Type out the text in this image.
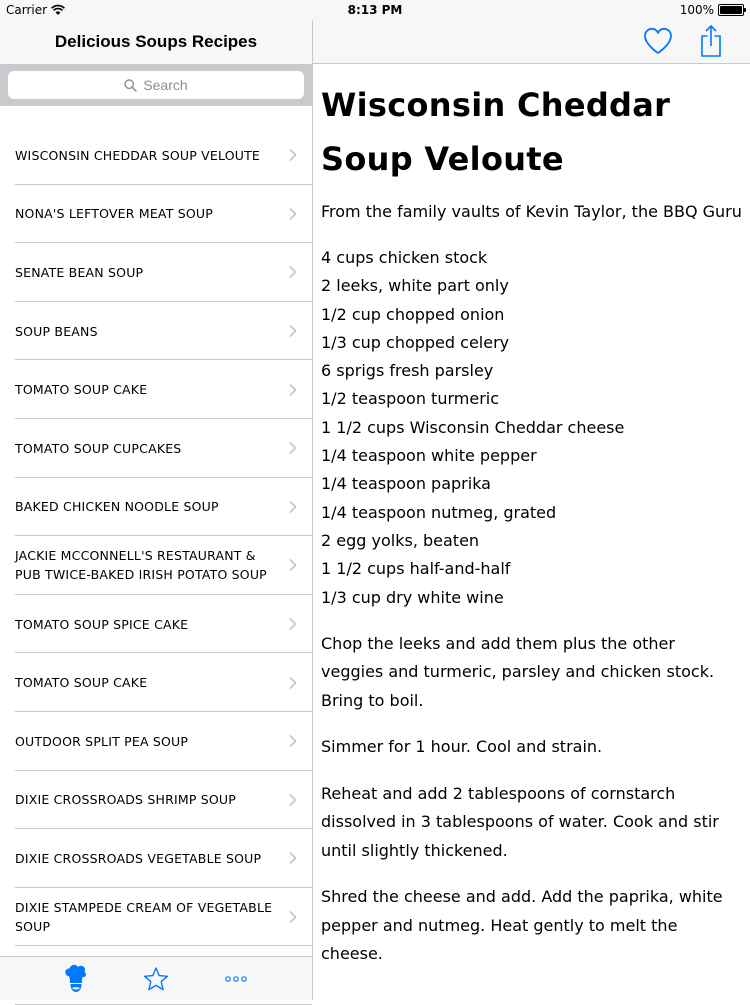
Carrier	8:13 PM	100%
Delicious Soups Recipes
Search
WISCONSIN CHEDDAR SOUP VELOUTE
NONA'S LEFTOVER MEAT SOUP
SENATE BEAN SOUP
SOUP BEANS
TOMATO SOUP CAKE
TOMATO SOUP CUPCAKES
BAKED CHICKEN NOODLE SOUP
JACKIE MCCONNELL'S RESTAURANT & PUB TWICE-BAKED IRISH POTATO SOUP
TOMATO SOUP SPICE CAKE
TOMATO SOUP CAKE
OUTDOOR SPLIT PEA SOUP
DIXIE CROSSROADS SHRIMP SOUP
DIXIE CROSSROADS VEGETABLE SOUP
DIXIE STAMPEDE CREAM OF VEGETABLE SOUP
Wisconsin Cheddar Soup Veloute

From the family vaults of Kevin Taylor, the BBQ Guru

4 cups chicken stock
2 leeks, white part only
1/2 cup chopped onion
1/3 cup chopped celery
6 sprigs fresh parsley
1/2 teaspoon turmeric
1 1/2 cups Wisconsin Cheddar cheese
1/4 teaspoon white pepper
1/4 teaspoon paprika
1/4 teaspoon nutmeg, grated
2 egg yolks, beaten
1 1/2 cups half-and-half
1/3 cup dry white wine

Chop the leeks and add them plus the other veggies and turmeric, parsley and chicken stock. Bring to boil.

Simmer for 1 hour. Cool and strain.

Reheat and add 2 tablespoons of cornstarch dissolved in 3 tablespoons of water. Cook and stir until slightly thickened.

Shred the cheese and add. Add the paprika, white pepper and nutmeg. Heat gently to melt the cheese.
